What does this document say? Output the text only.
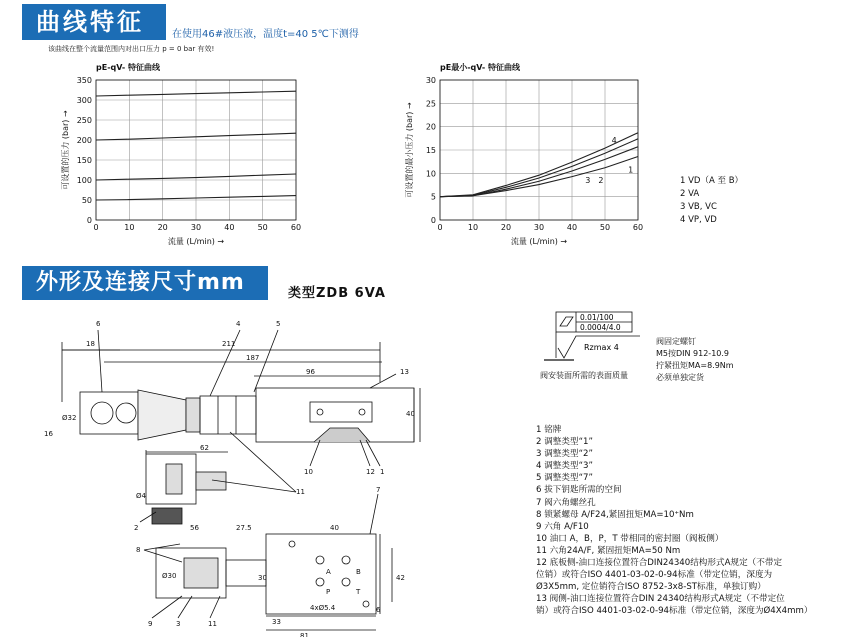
曲线特征	在使用46#液压液，温度t=40 5℃下测得
该曲线在整个流量范围内对出口压力 p = 0 bar 有效!
pE-qV- 特征曲线	pE最小-qV- 特征曲线
0	10	20	30	40	50	60
0
50
100
150
200
250
300
350
可设置的压力 (bar) →
流量 (L/min) →
0	10	20	30	40	50	60
0
5
10
15
20
25
30
可设置的最小压力 (bar) →
流量 (L/min) →
4
1
3 2	1 VD（A 至 B）
2 VA
3 VB, VC
4 VP, VD
外形及连接尺寸mm	类型ZDB 6VA
0.01/100
0.0004/4.0
Rzmax 4
阀安装面所需的表面质量
阀固定螺钉
M5按DIN 912-10.9
拧紧扭矩MA=8.9Nm
必须单独定货
6	4	5
13
10	12 1
11
2
8
7
9	3	11
18	211
187
96
40
Ø32
16
62
Ø4
56	27.5	40
Ø30	30	42
33
81
4xØ5.4	6
A	B
P	T
1 铭牌
2 调整类型“1”
3 调整类型“2”
4 调整类型“3”
5 调整类型“7”
6 拔下钥匙所需的空间
7 阀六角螺丝孔
8 锁紧螺母 A/F24,紧固扭矩MA=10⁺Nm
9 六角 A/F10
10 油口 A，B，P，T 带相同的密封圈（阀板侧）
11 六角24A/F, 紧固扭矩MA=50 Nm
12 底板侧-油口连接位置符合DIN24340结构形式A规定（不带定
位销）或符合ISO 4401-03-02-0-94标准（带定位销，深度为
Ø3X5mm, 定位销符合ISO 8752-3x8-ST标准，单独订购）
13 阀侧-油口连接位置符合DIN 24340结构形式A规定（不带定位
销）或符合ISO 4401-03-02-0-94标准（带定位销，深度为Ø4X4mm）
